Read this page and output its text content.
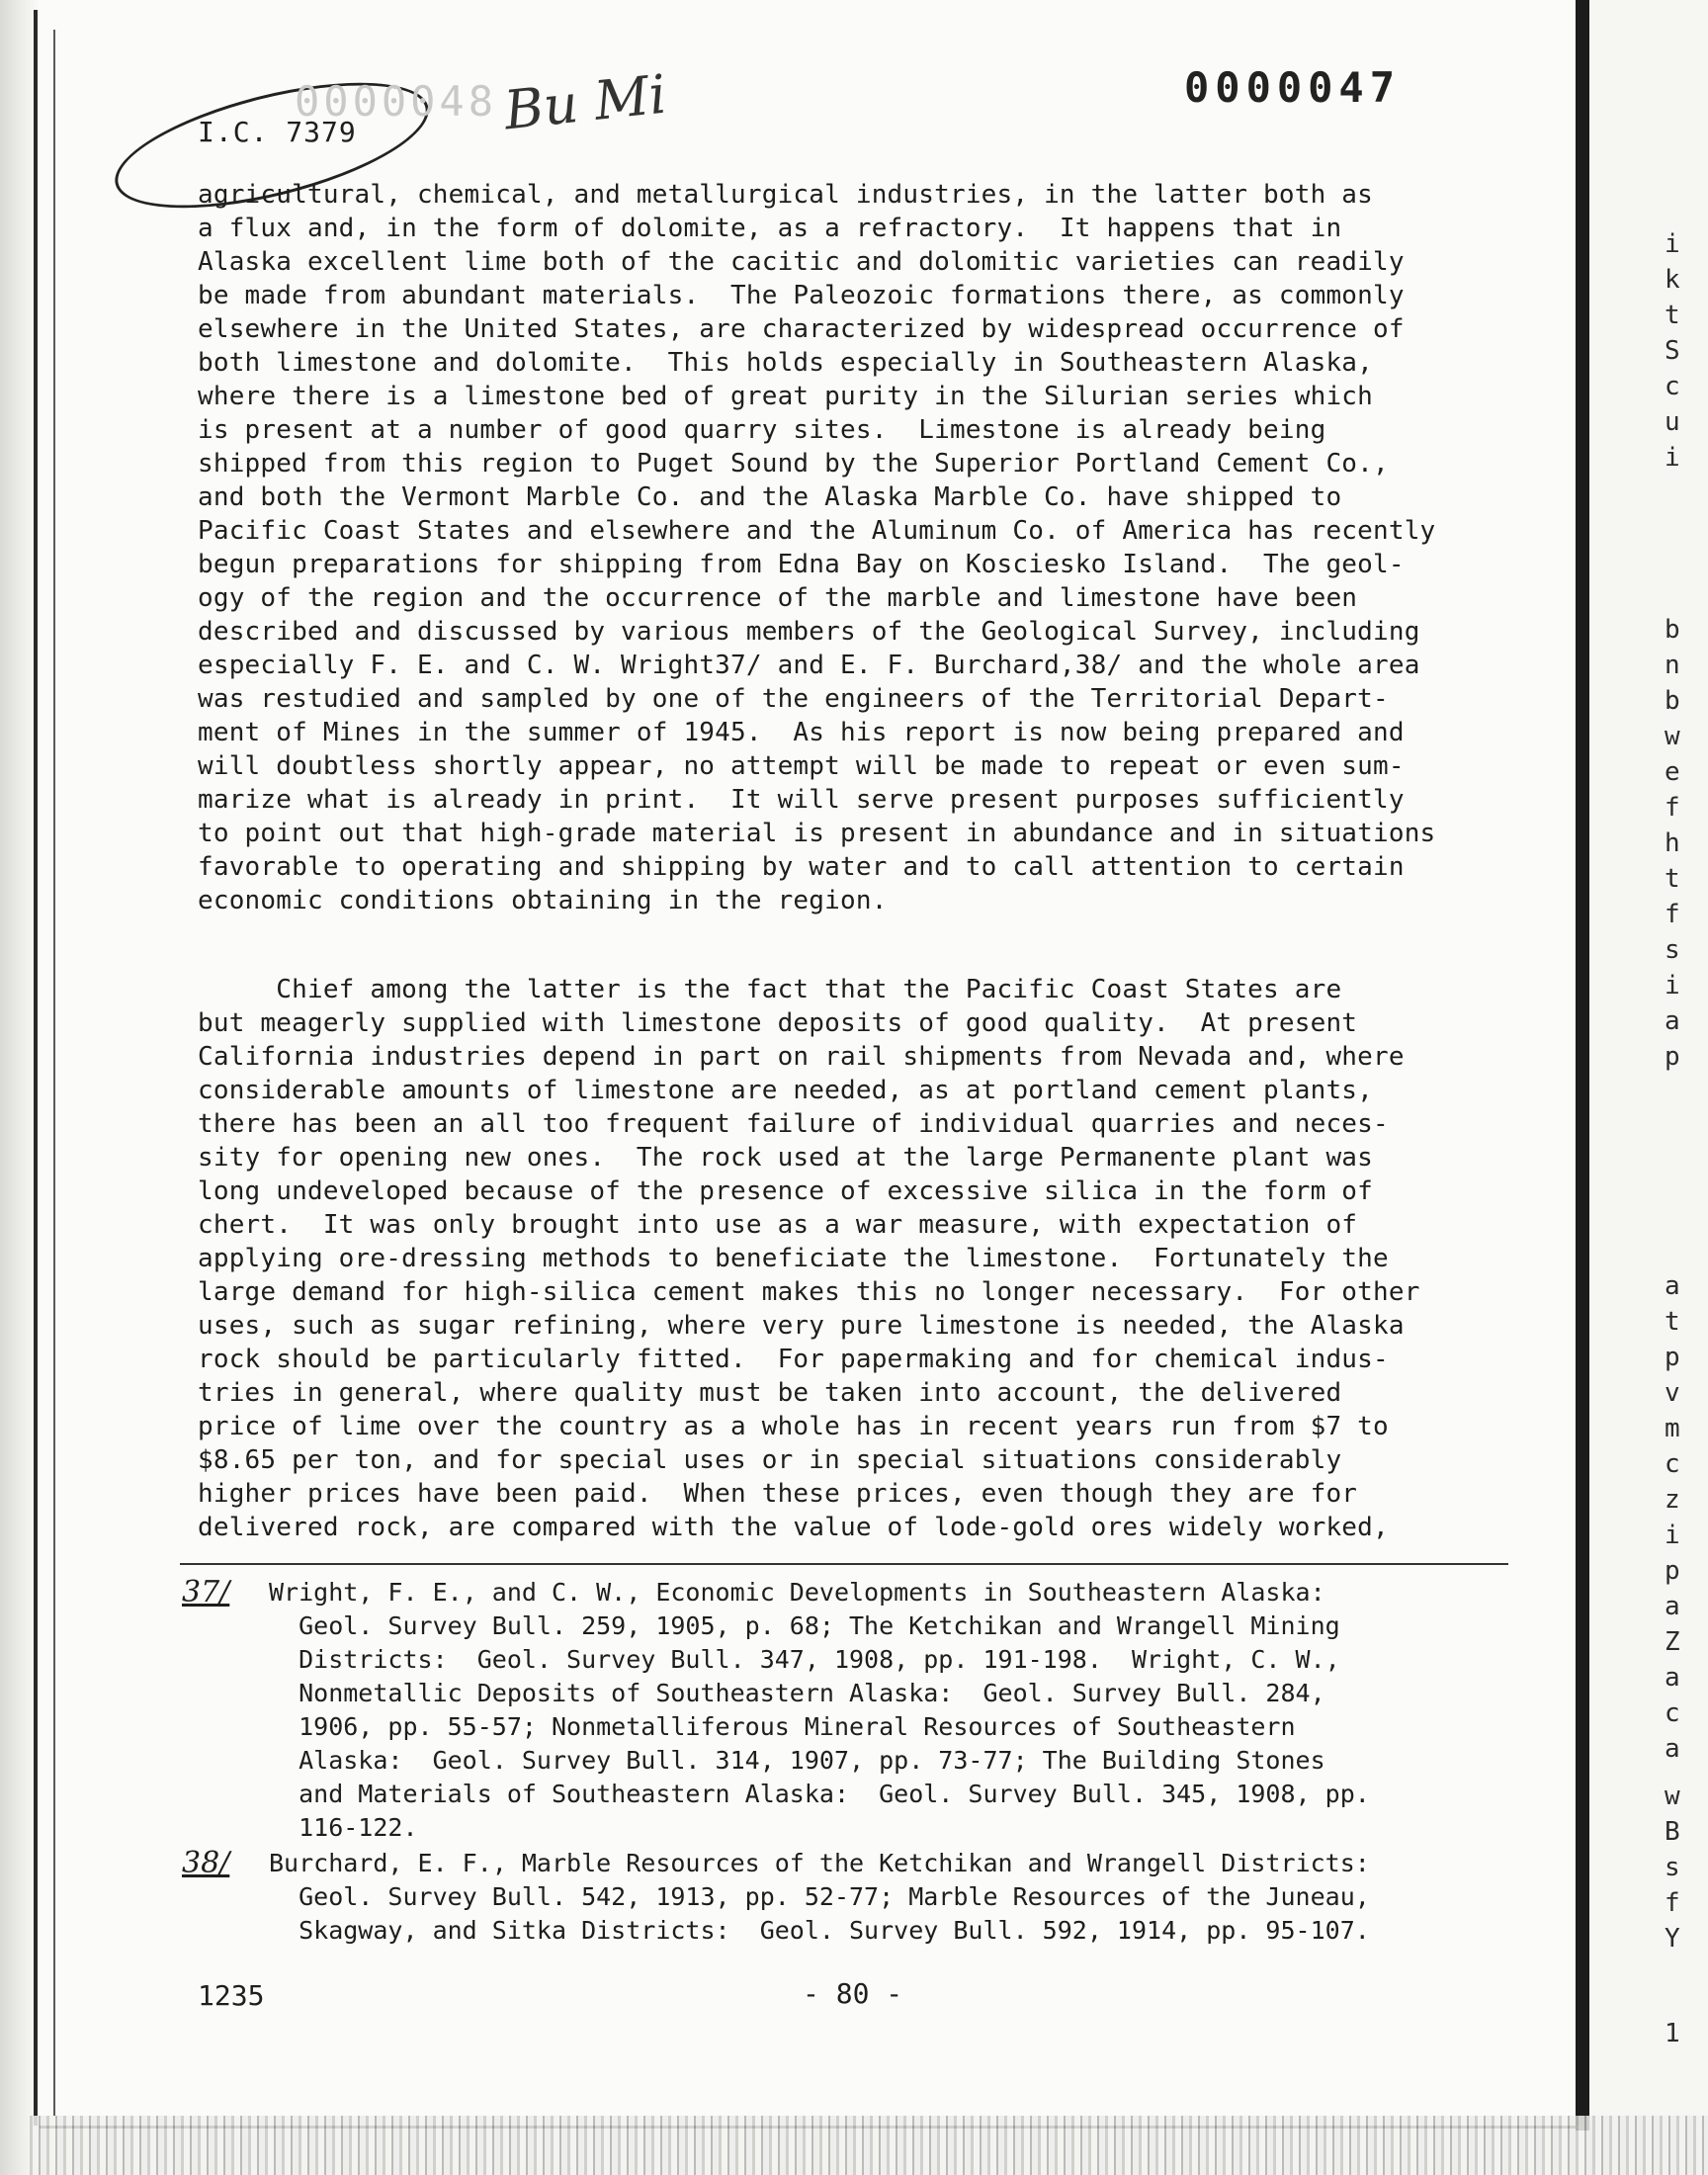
i
k
t
S
c
u
i
b
n
b
w
e
f
h
t
f
s
i
a
p
a
t
p
v
m
c
z
i
p
a
Z
a
c
a
w
B
s
f
Y
1
I.C. 7379
0000048 Bu Mi	0000047
agricultural, chemical, and metallurgical industries, in the latter both as
a flux and, in the form of dolomite, as a refractory.  It happens that in
Alaska excellent lime both of the cacitic and dolomitic varieties can readily
be made from abundant materials.  The Paleozoic formations there, as commonly
elsewhere in the United States, are characterized by widespread occurrence of
both limestone and dolomite.  This holds especially in Southeastern Alaska,
where there is a limestone bed of great purity in the Silurian series which
is present at a number of good quarry sites.  Limestone is already being
shipped from this region to Puget Sound by the Superior Portland Cement Co.,
and both the Vermont Marble Co. and the Alaska Marble Co. have shipped to
Pacific Coast States and elsewhere and the Aluminum Co. of America has recently
begun preparations for shipping from Edna Bay on Kosciesko Island.  The geol-
ogy of the region and the occurrence of the marble and limestone have been
described and discussed by various members of the Geological Survey, including
especially F. E. and C. W. Wright37/ and E. F. Burchard,38/ and the whole area
was restudied and sampled by one of the engineers of the Territorial Depart-
ment of Mines in the summer of 1945.  As his report is now being prepared and
will doubtless shortly appear, no attempt will be made to repeat or even sum-
marize what is already in print.  It will serve present purposes sufficiently
to point out that high-grade material is present in abundance and in situations
favorable to operating and shipping by water and to call attention to certain
economic conditions obtaining in the region.
Chief among the latter is the fact that the Pacific Coast States are
but meagerly supplied with limestone deposits of good quality.  At present
California industries depend in part on rail shipments from Nevada and, where
considerable amounts of limestone are needed, as at portland cement plants,
there has been an all too frequent failure of individual quarries and neces-
sity for opening new ones.  The rock used at the large Permanente plant was
long undeveloped because of the presence of excessive silica in the form of
chert.  It was only brought into use as a war measure, with expectation of
applying ore-dressing methods to beneficiate the limestone.  Fortunately the
large demand for high-silica cement makes this no longer necessary.  For other
uses, such as sugar refining, where very pure limestone is needed, the Alaska
rock should be particularly fitted.  For papermaking and for chemical indus-
tries in general, where quality must be taken into account, the delivered
price of lime over the country as a whole has in recent years run from $7 to
$8.65 per ton, and for special uses or in special situations considerably
higher prices have been paid.  When these prices, even though they are for
delivered rock, are compared with the value of lode-gold ores widely worked,
37/ Wright, F. E., and C. W., Economic Developments in Southeastern Alaska:
Geol. Survey Bull. 259, 1905, p. 68; The Ketchikan and Wrangell Mining
Districts:  Geol. Survey Bull. 347, 1908, pp. 191-198.  Wright, C. W.,
Nonmetallic Deposits of Southeastern Alaska:  Geol. Survey Bull. 284,
1906, pp. 55-57; Nonmetalliferous Mineral Resources of Southeastern
Alaska:  Geol. Survey Bull. 314, 1907, pp. 73-77; The Building Stones
and Materials of Southeastern Alaska:  Geol. Survey Bull. 345, 1908, pp.
116-122.
38/ Burchard, E. F., Marble Resources of the Ketchikan and Wrangell Districts:
Geol. Survey Bull. 542, 1913, pp. 52-77; Marble Resources of the Juneau,
Skagway, and Sitka Districts:  Geol. Survey Bull. 592, 1914, pp. 95-107.
1235	- 80 -
